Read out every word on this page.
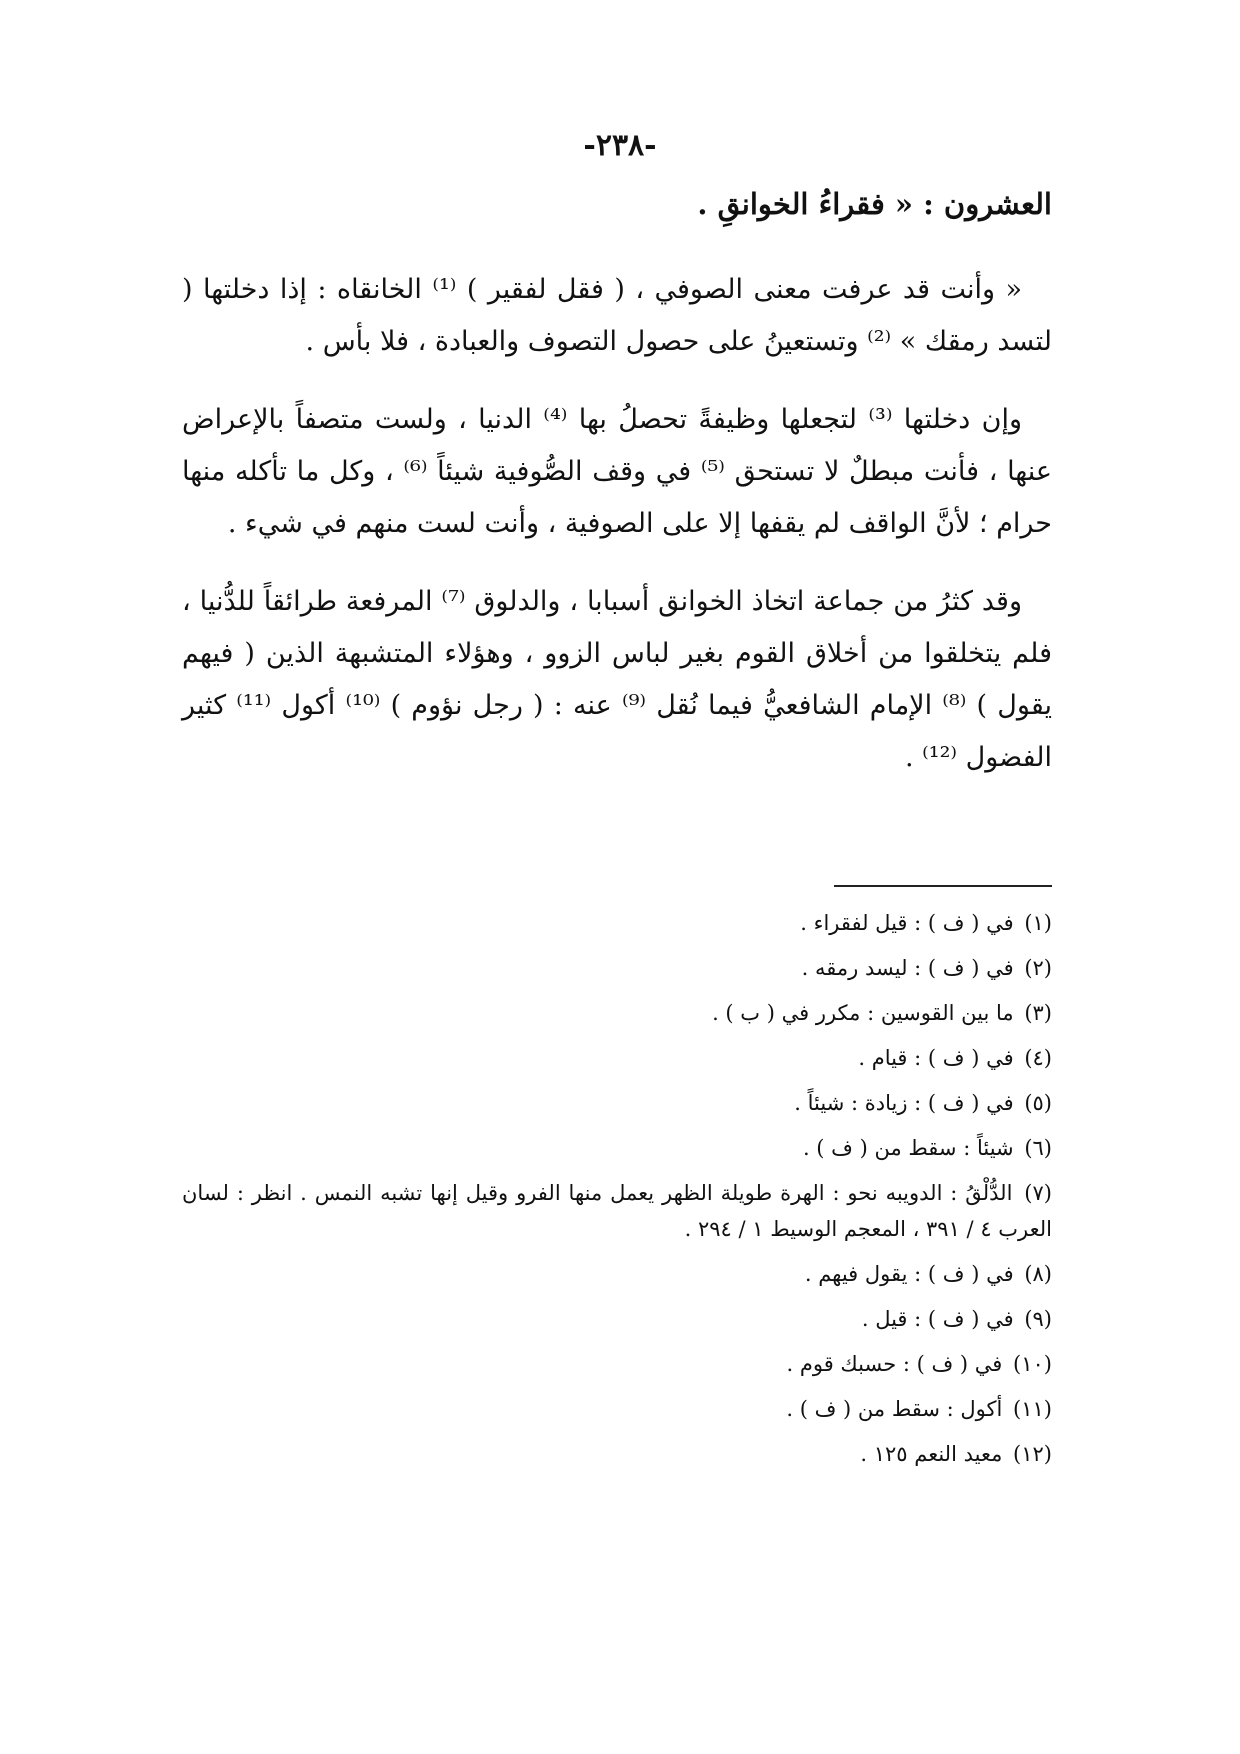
-٢٣٨-
العشرون : « فقراءُ الخوانقِ .

« وأنت قد عرفت معنى الصوفي ، ( فقل لفقير ) ⁽¹⁾ الخانقاه : إذا دخلتها ( لتسد رمقك » ⁽²⁾ وتستعينُ على حصول التصوف والعبادة ، فلا بأس .

وإن دخلتها ⁽³⁾ لتجعلها وظيفةً تحصلُ بها ⁽⁴⁾ الدنيا ، ولست متصفاً بالإعراض عنها ، فأنت مبطلٌ لا تستحق ⁽⁵⁾ في وقف الصُّوفية شيئاً ⁽⁶⁾ ، وكل ما تأكله منها حرام ؛ لأنَّ الواقف لم يقفها إلا على الصوفية ، وأنت لست منهم في شيء .

وقد كثرُ من جماعة اتخاذ الخوانق أسبابا ، والدلوق ⁽⁷⁾ المرفعة طرائقاً للدُّنيا ، فلم يتخلقوا من أخلاق القوم بغير لباس الزوو ، وهؤلاء المتشبهة الذين ( فيهم يقول ) ⁽⁸⁾ الإمام الشافعيُّ فيما نُقل ⁽⁹⁾ عنه : ( رجل نؤوم ) ⁽¹⁰⁾ أكول ⁽¹¹⁾ كثير الفضول ⁽¹²⁾ .

(١) في ( ف ) : قيل لفقراء .
(٢) في ( ف ) : ليسد رمقه .
(٣) ما بين القوسين : مكرر في ( ب ) .
(٤) في ( ف ) : قيام .
(٥) في ( ف ) : زيادة : شيئاً .
(٦) شيئاً : سقط من ( ف ) .
(٧) الدُّلْقُ : الدويبه نحو : الهرة طويلة الظهر يعمل منها الفرو وقيل إنها تشبه النمس . انظر : لسان العرب ٤ / ٣٩١ ، المعجم الوسيط ١ / ٢٩٤ .
(٨) في ( ف ) : يقول فيهم .
(٩) في ( ف ) : قيل .
(١٠) في ( ف ) : حسبك قوم .
(١١) أكول : سقط من ( ف ) .
(١٢) معيد النعم ١٢٥ .
